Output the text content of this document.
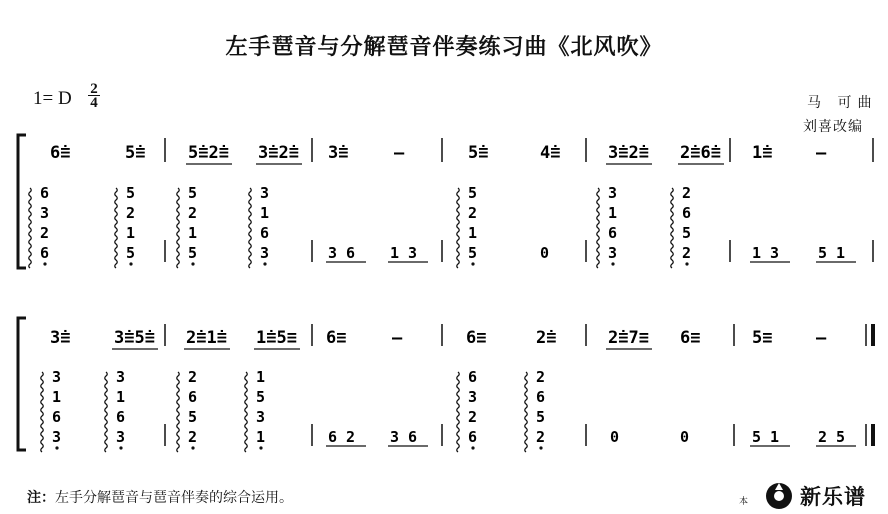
左手琶音与分解琶音伴奏练习曲《北风吹》
1= D 2
4	马 可曲
刘喜改编
6̇≡	5̇≡	5̇≡2̇≡ 3̇≡2̇≡ 3̇≡	—	5̇≡	4̇≡	3̇≡2̇≡ 2̇≡6̇≡ 1̇≡	—
6
3
2
6
5
2
1
5
5
2
1
5
3
1
6
3
5
2
1
5
3
1
6
3
2
6
5
2
3 6 1 3	0	1 3	5 1
3̇≡	3̇≡5̇≡ 2̇≡1̇≡ 1̇≡5≡ 6≡	—	6≡	2̇≡	2̇≡7≡ 6≡	5≡	—
3
1
6
3
3
1
6
3
2
6
5
2
1
5
3
1
6
3
2
6
2
6
5
2
6 2 3 6	0	0	5 1	2 5
注：左手分解琶音与琶音伴奏的综合运用。	本 新乐谱
